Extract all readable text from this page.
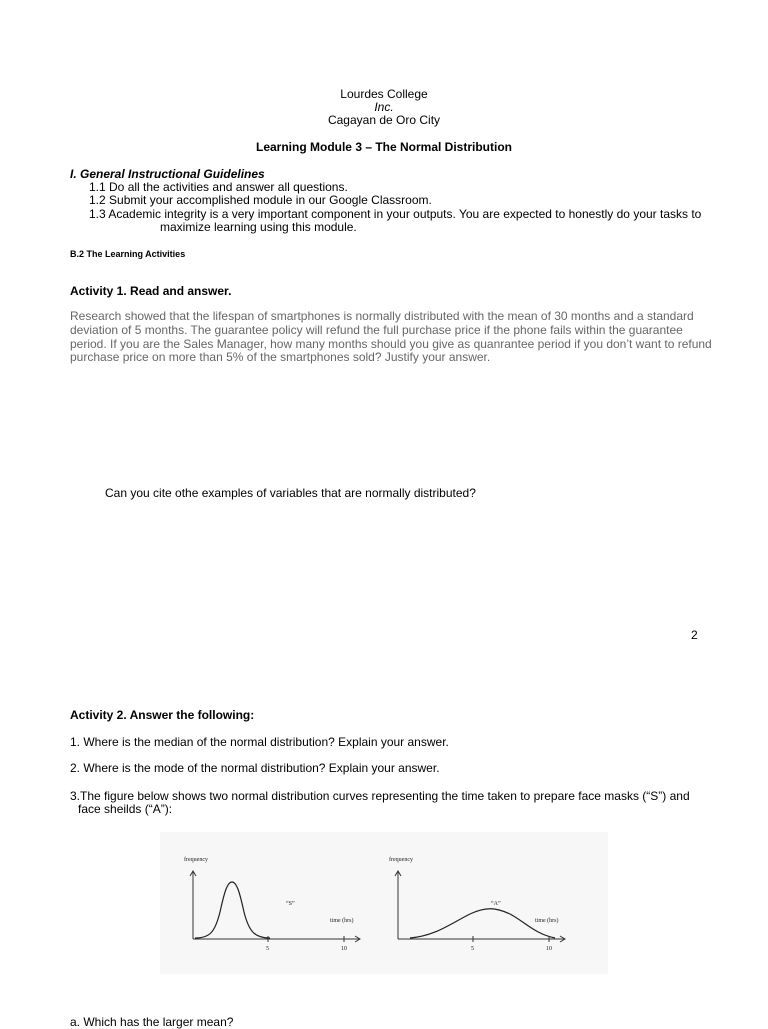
Lourdes College
Inc.
Cagayan de Oro City
Learning Module 3 – The Normal Distribution
I. General Instructional Guidelines
1.1 Do all the activities and answer all questions.
1.2 Submit your accomplished module in our Google Classroom.
1.3 Academic integrity is a very important component in your outputs. You are expected to honestly do your tasks to
maximize learning using this module.
B.2 The Learning Activities
Activity 1. Read and answer.
Research showed that the lifespan of smartphones is normally distributed with the mean of 30 months and a standard
deviation of 5 months. The guarantee policy will refund the full purchase price if the phone fails within the guarantee
period. If you are the Sales Manager, how many months should you give as quanrantee period if you don’t want to refund
purchase price on more than 5% of the smartphones sold? Justify your answer.
Can you cite othe examples of variables that are normally distributed?
2
Activity 2. Answer the following:
1. Where is the median of the normal distribution? Explain your answer.
2. Where is the mode of the normal distribution? Explain your answer.
3.The figure below shows two normal distribution curves representing the time taken to prepare face masks (“S”) and
face sheilds (“A”):
frequency
“S”
time (hrs)
5	10
frequency
“A”
time (hrs)
5	10
a. Which has the larger mean?
